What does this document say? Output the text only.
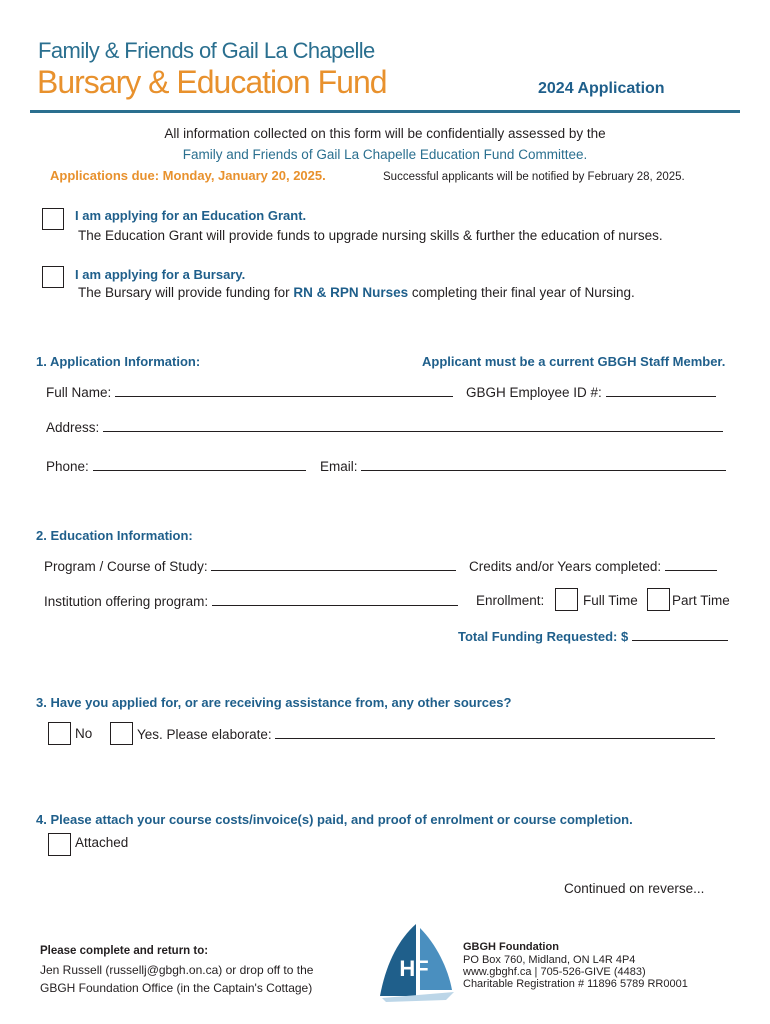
Family & Friends of Gail La Chapelle
Bursary & Education Fund	2024 Application
All information collected on this form will be confidentially assessed by the
Family and Friends of Gail La Chapelle Education Fund Committee.
Applications due: Monday, January 20, 2025.	Successful applicants will be notified by February 28, 2025.
I am applying for an Education Grant.
The Education Grant will provide funds to upgrade nursing skills & further the education of nurses.
I am applying for a Bursary.
The Bursary will provide funding for RN & RPN Nurses completing their final year of Nursing.
1. Application Information:	Applicant must be a current GBGH Staff Member.
Full Name:	GBGH Employee ID #:
Address:
Phone:	Email:
2. Education Information:
Program / Course of Study:	Credits and/or Years completed:
Institution offering program:	Enrollment:	Full Time	Part Time
Total Funding Requested: $
3. Have you applied for, or are receiving assistance from, any other sources?
No	Yes. Please elaborate:
4. Please attach your course costs/invoice(s) paid, and proof of enrolment or course completion.
Attached
Continued on reverse...
Please complete and return to:
Jen Russell (russellj@gbgh.on.ca) or drop off to the
GBGH Foundation Office (in the Captain's Cottage)
HF
GBGH Foundation
PO Box 760, Midland, ON L4R 4P4
www.gbghf.ca | 705-526-GIVE (4483)
Charitable Registration # 11896 5789 RR0001
